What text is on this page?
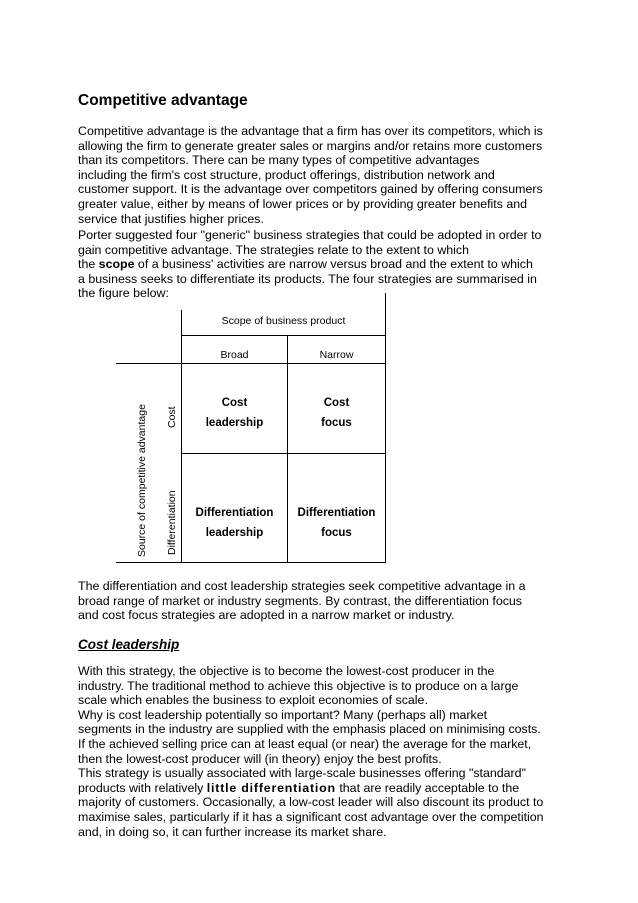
Competitive advantage

Competitive advantage is the advantage that a firm has over its competitors, which is
allowing the firm to generate greater sales or margins and/or retains more customers
than its competitors. There can be many types of competitive advantages
including the firm's cost structure, product offerings, distribution network and
customer support. It is the advantage over competitors gained by offering consumers
greater value, either by means of lower prices or by providing greater benefits and
service that justifies higher prices.

Porter suggested four "generic" business strategies that could be adopted in order to
gain competitive advantage. The strategies relate to the extent to which
the scope of a business' activities are narrow versus broad and the extent to which
a business seeks to differentiate its products. The four strategies are summarised in
the figure below:

The differentiation and cost leadership strategies seek competitive advantage in a
broad range of market or industry segments. By contrast, the differentiation focus
and cost focus strategies are adopted in a narrow market or industry.

Cost leadership

With this strategy, the objective is to become the lowest-cost producer in the
industry. The traditional method to achieve this objective is to produce on a large
scale which enables the business to exploit economies of scale.
Why is cost leadership potentially so important? Many (perhaps all) market
segments in the industry are supplied with the emphasis placed on minimising costs.
If the achieved selling price can at least equal (or near) the average for the market,
then the lowest-cost producer will (in theory) enjoy the best profits.
This strategy is usually associated with large-scale businesses offering "standard"
products with relatively little differentiation that are readily acceptable to the
majority of customers. Occasionally, a low-cost leader will also discount its product to
maximise sales, particularly if it has a significant cost advantage over the competition
and, in doing so, it can further increase its market share.

Scope of business product
Broad	Narrow
Source of competitive advantage Cost
Differentiation
Cost
leadership
Cost
focus
Differentiation
leadership
Differentiation
focus
